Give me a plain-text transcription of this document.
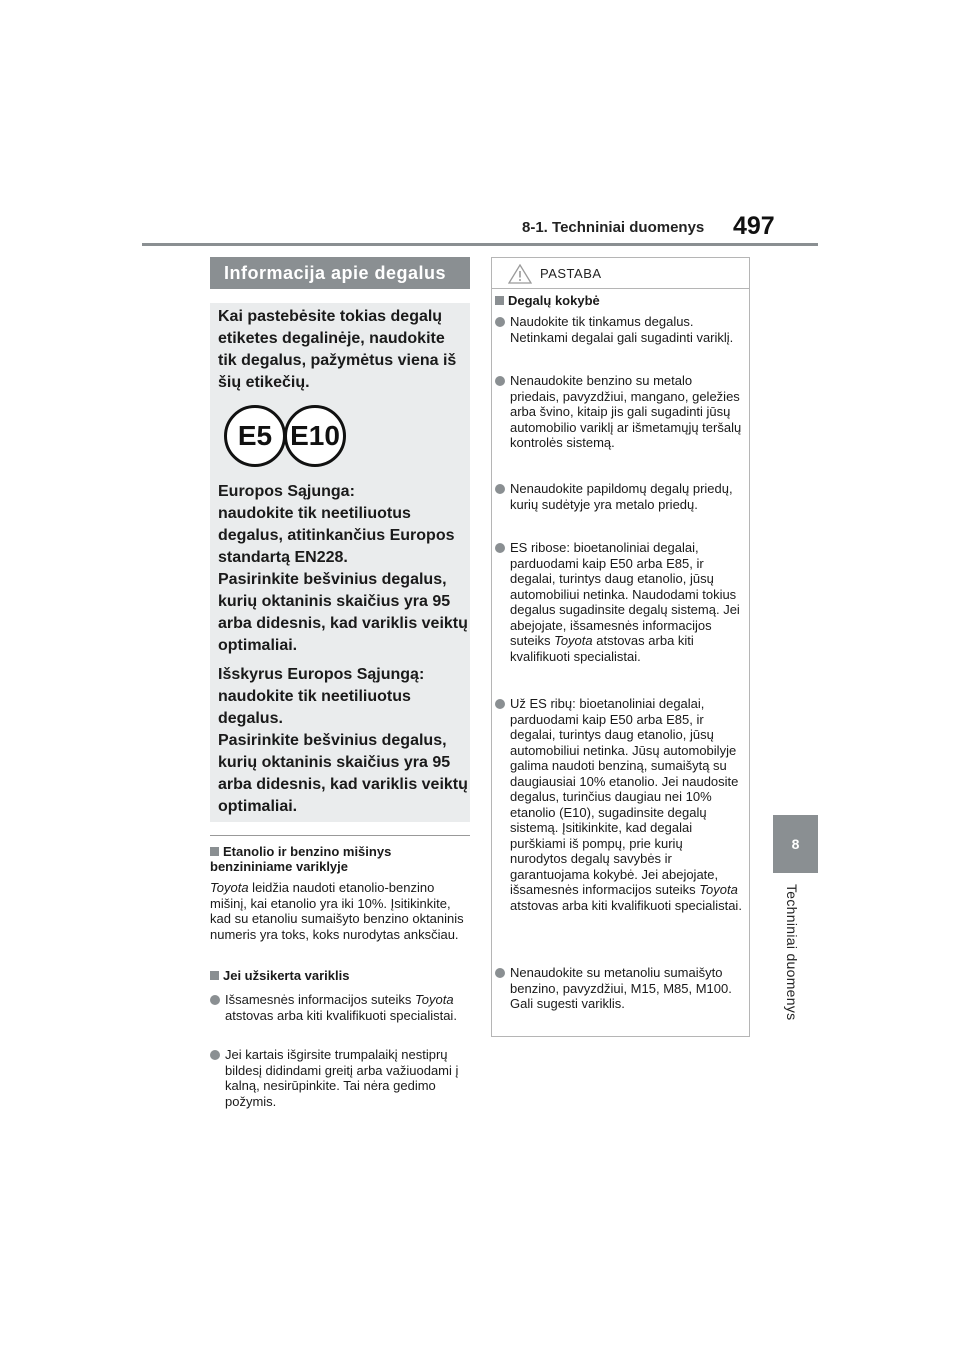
8-1. Techniniai duomenys 497
8
Techniniai duomenys
Informacija apie degalus

Kai pastebėsite tokias degalų etiketes degalinėje, naudokite tik degalus, pažymėtus viena iš šių etikečių.

Europos Sąjunga:

naudokite tik neetiliuotus degalus, atitinkančius Europos standartą EN228.

Pasirinkite bešvinius degalus, kurių oktaninis skaičius yra 95 arba didesnis, kad variklis veiktų optimaliai.

Išskyrus Europos Sąjungą:

naudokite tik neetiliuotus degalus.

Pasirinkite bešvinius degalus, kurių oktaninis skaičius yra 95 arba didesnis, kad variklis veiktų optimaliai.

E5 E10
Etanolio ir benzino mišinys benzininiame variklyje
Toyota leidžia naudoti etanolio-benzino mišinį, kai etanolio yra iki 10%. Įsitikinkite, kad su etanoliu sumaišyto benzino oktaninis numeris yra toks, koks nurodytas anksčiau.
Jei užsikerta variklis
Išsamesnės informacijos suteiks Toyota atstovas arba kiti kvalifikuoti specialistai.
Jei kartais išgirsite trumpalaikį nestiprų bildesį didindami greitį arba važiuodami į kalną, nesirūpinkite. Tai nėra gedimo požymis.
PASTABA
Degalų kokybė
Naudokite tik tinkamus degalus. Netinkami degalai gali sugadinti variklį.
Nenaudokite benzino su metalo priedais, pavyzdžiui, mangano, geležies arba švino, kitaip jis gali sugadinti jūsų automobilio variklį ar išmetamųjų teršalų kontrolės sistemą.
Nenaudokite papildomų degalų priedų, kurių sudėtyje yra metalo priedų.
ES ribose: bioetanoliniai degalai, parduodami kaip E50 arba E85, ir degalai, turintys daug etanolio, jūsų automobiliui netinka. Naudodami tokius degalus sugadinsite degalų sistemą. Jei abejojate, išsamesnės informacijos suteiks Toyota atstovas arba kiti kvalifikuoti specialistai.
Už ES ribų: bioetanoliniai degalai, parduodami kaip E50 arba E85, ir degalai, turintys daug etanolio, jūsų automobiliui netinka. Jūsų automobilyje galima naudoti benziną, sumaišytą su daugiausiai 10% etanolio. Jei naudosite degalus, turinčius daugiau nei 10% etanolio (E10), sugadinsite degalų sistemą. Įsitikinkite, kad degalai purškiami iš pompų, prie kurių nurodytos degalų savybės ir garantuojama kokybė. Jei abejojate, išsamesnės informacijos suteiks Toyota atstovas arba kiti kvalifikuoti specialistai.
Nenaudokite su metanoliu sumaišyto benzino, pavyzdžiui, M15, M85, M100. Gali sugesti variklis.
